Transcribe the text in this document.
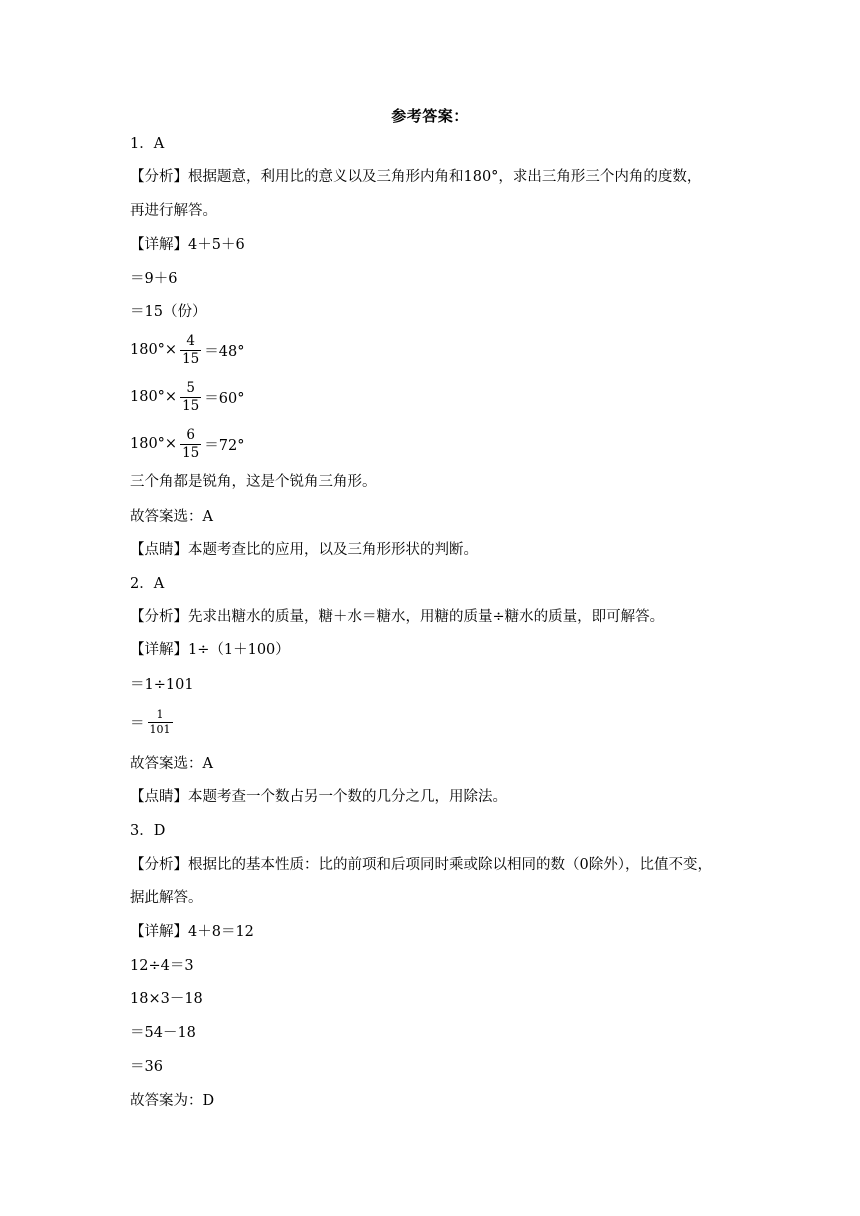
参考答案：
1．A
【分析】根据题意，利用比的意义以及三角形内角和180°，求出三角形三个内角的度数，
再进行解答。
【详解】4＋5＋6
＝9＋6
＝15（份）
$180^\circ\times \frac{4}{15} =48^\circ$
$180^\circ\times \frac{5}{15} =60^\circ$
$180^\circ\times \frac{6}{15} =72^\circ$
三个角都是锐角，这是个锐角三角形。
故答案选：A
【点睛】本题考查比的应用，以及三角形形状的判断。
2．A
【分析】先求出糖水的质量，糖＋水＝糖水，用糖的质量÷糖水的质量，即可解答。
【详解】1÷（1＋100）
＝1÷101
＝ $\frac{1}{101}$
故答案选：A
【点睛】本题考查一个数占另一个数的几分之几，用除法。
3．D
【分析】根据比的基本性质：比的前项和后项同时乘或除以相同的数（0除外），比值不变，
据此解答。
【详解】4＋8＝12
12÷4＝3
18×3－18
＝54－18
＝36
故答案为：D
